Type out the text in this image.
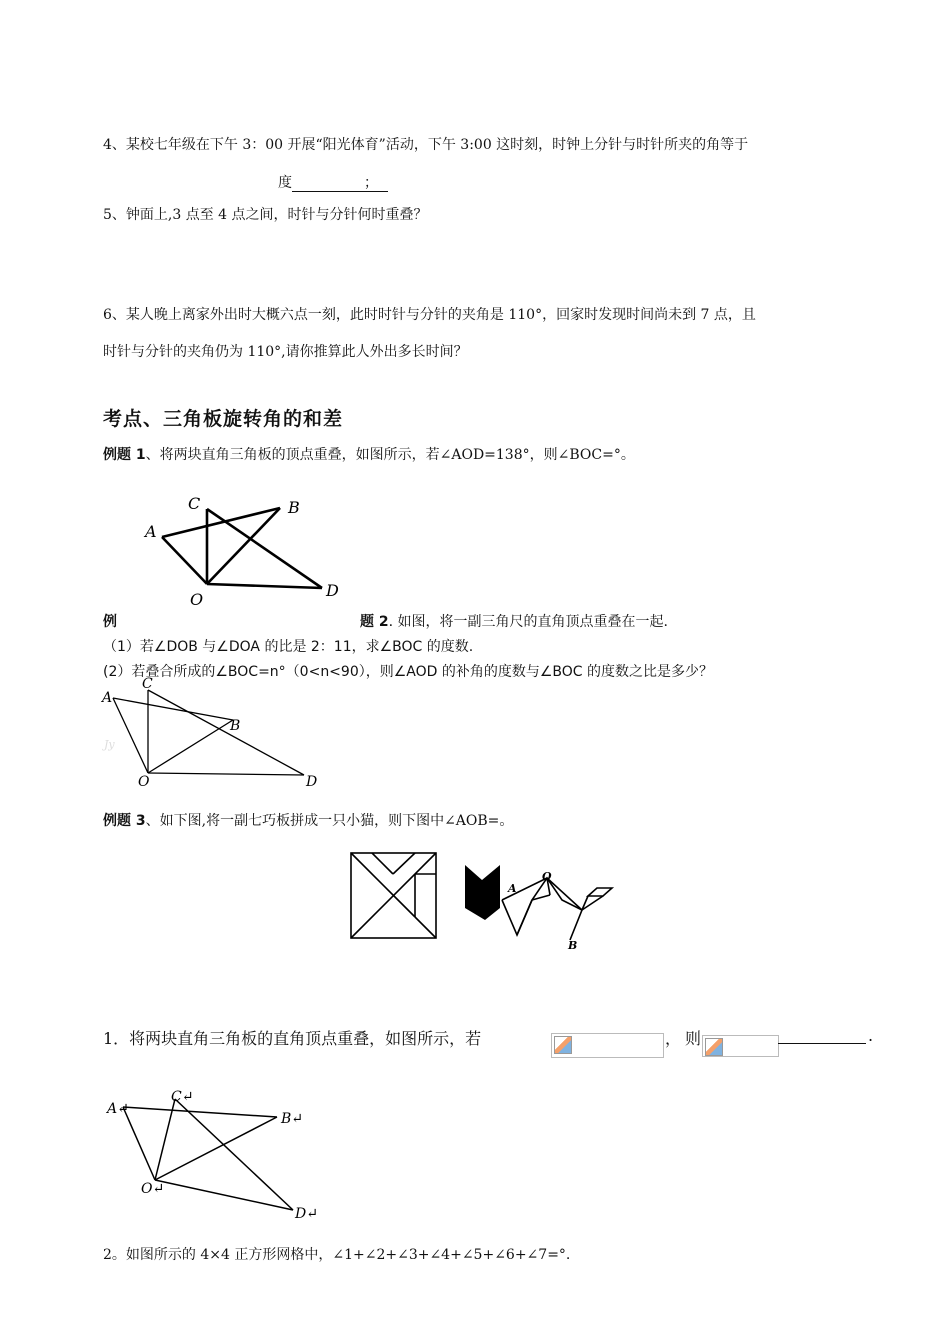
4、某校七年级在下午 3：00 开展“阳光体育”活动，下午 3:00 这时刻，时钟上分针与时针所夹的角等于
度	；
5、钟面上,3 点至 4 点之间，时针与分针何时重叠？
6、某人晚上离家外出时大概六点一刻，此时时针与分针的夹角是 110°，回家时发现时间尚未到 7 点，且
时针与分针的夹角仍为 110°,请你推算此人外出多长时间？
考点、三角板旋转角的和差
例题 1、将两块直角三角板的顶点重叠，如图所示，若∠AOD=138°，则∠BOC=°。
A
C	B
O	D
例	题 2. 如图，将一副三角尺的直角顶点重叠在一起.
（1）若∠DOB 与∠DOA 的比是 2：11，求∠BOC 的度数.
(2）若叠合所成的∠BOC=n°（0<n<90），则∠AOD 的补角的度数与∠BOC 的度数之比是多少？
A
C
B
O	D
Jy
例题 3、如下图,将一副七巧板拼成一只小猫，则下图中∠AOB=。
A
O
B
1．将两块直角三角板的直角顶点重叠，如图所示，若	， 则	.
A↵
C↵
B↵
O↵
D↵
2。如图所示的 4×4 正方形网格中，∠1+∠2+∠3+∠4+∠5+∠6+∠7=°.
